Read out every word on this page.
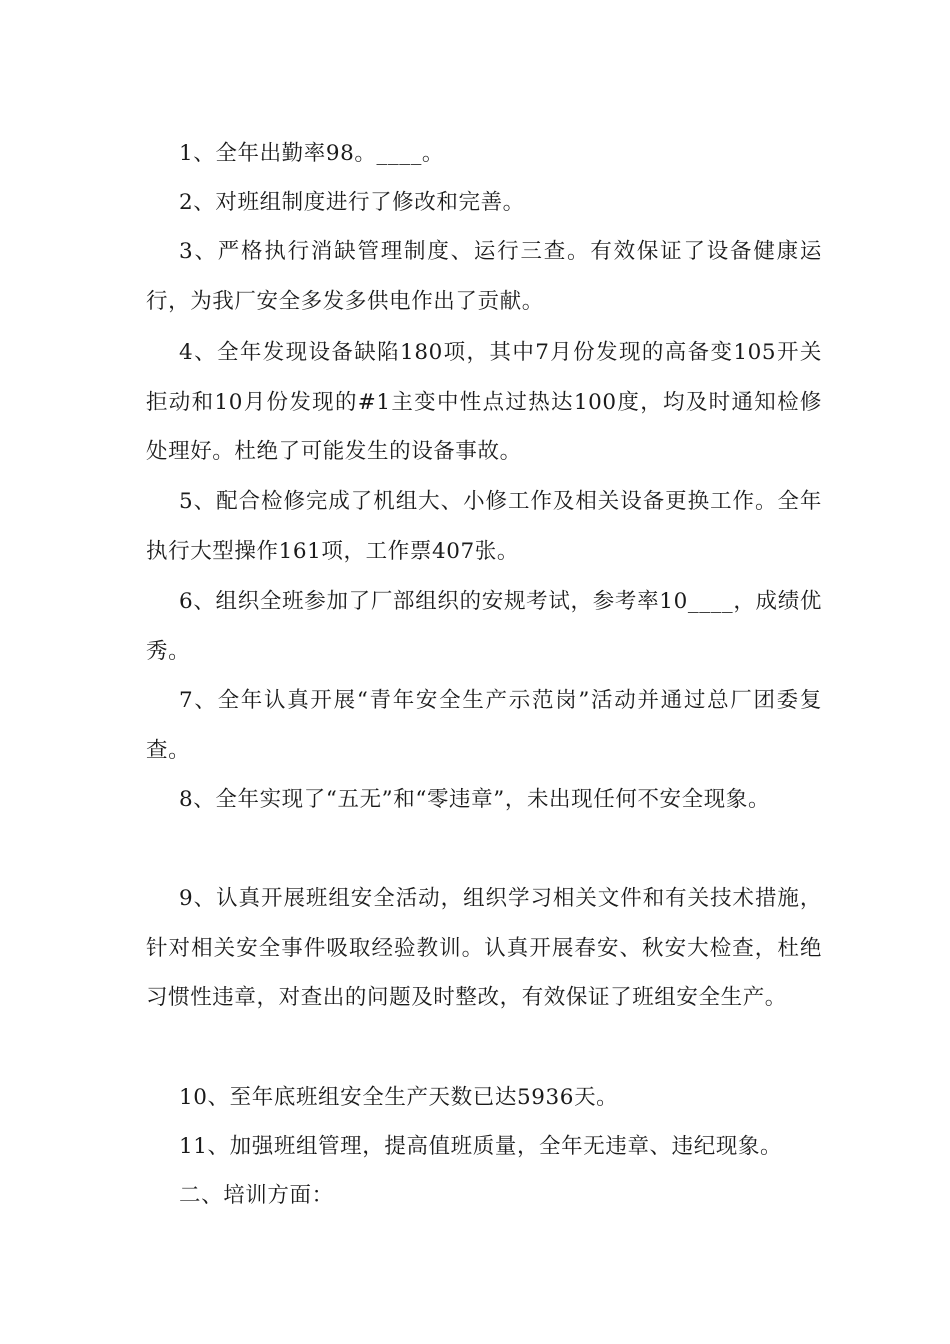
1、全年出勤率98。____。

2、对班组制度进行了修改和完善。

3、严格执行消缺管理制度、运行三查。有效保证了设备健康运行，为我厂安全多发多供电作出了贡献。

4、全年发现设备缺陷180项，其中7月份发现的高备变105开关拒动和10月份发现的#1主变中性点过热达100度，均及时通知检修处理好。杜绝了可能发生的设备事故。

5、配合检修完成了机组大、小修工作及相关设备更换工作。全年执行大型操作161项，工作票407张。

6、组织全班参加了厂部组织的安规考试，参考率10____，成绩优秀。

7、全年认真开展“青年安全生产示范岗”活动并通过总厂团委复查。

8、全年实现了“五无”和“零违章”，未出现任何不安全现象。

9、认真开展班组安全活动，组织学习相关文件和有关技术措施，针对相关安全事件吸取经验教训。认真开展春安、秋安大检查，杜绝习惯性违章，对查出的问题及时整改，有效保证了班组安全生产。

10、至年底班组安全生产天数已达5936天。

11、加强班组管理，提高值班质量，全年无违章、违纪现象。

二、培训方面：
